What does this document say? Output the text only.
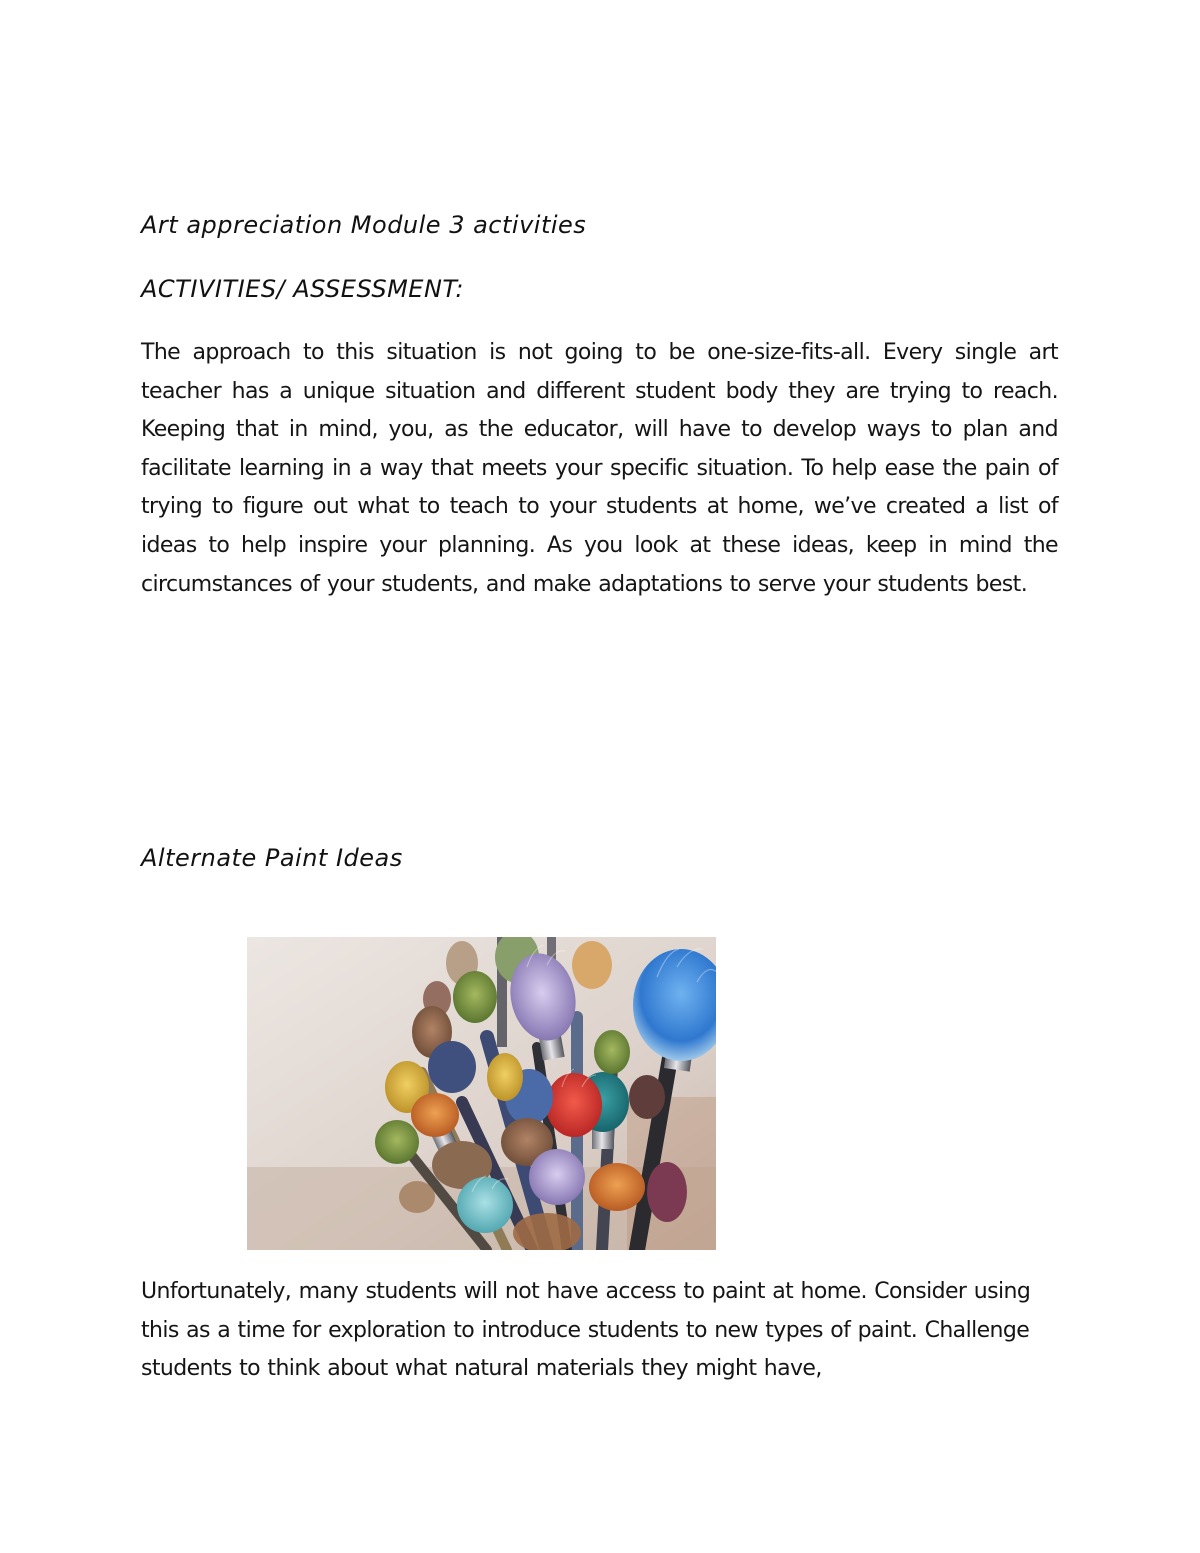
Art appreciation Module 3 activities
ACTIVITIES/ ASSESSMENT:

The approach to this situation is not going to be one-size-fits-all. Every single art teacher has a unique situation and different student body they are trying to reach. Keeping that in mind, you, as the educator, will have to develop ways to plan and facilitate learning in a way that meets your specific situation. To help ease the pain of trying to figure out what to teach to your students at home, we’ve created a list of ideas to help inspire your planning. As you look at these ideas, keep in mind the circumstances of your students, and make adaptations to serve your students best.

Alternate Paint Ideas

Unfortunately, many students will not have access to paint at home. Consider using this as a time for exploration to introduce students to new types of paint. Challenge students to think about what natural materials they might have,
